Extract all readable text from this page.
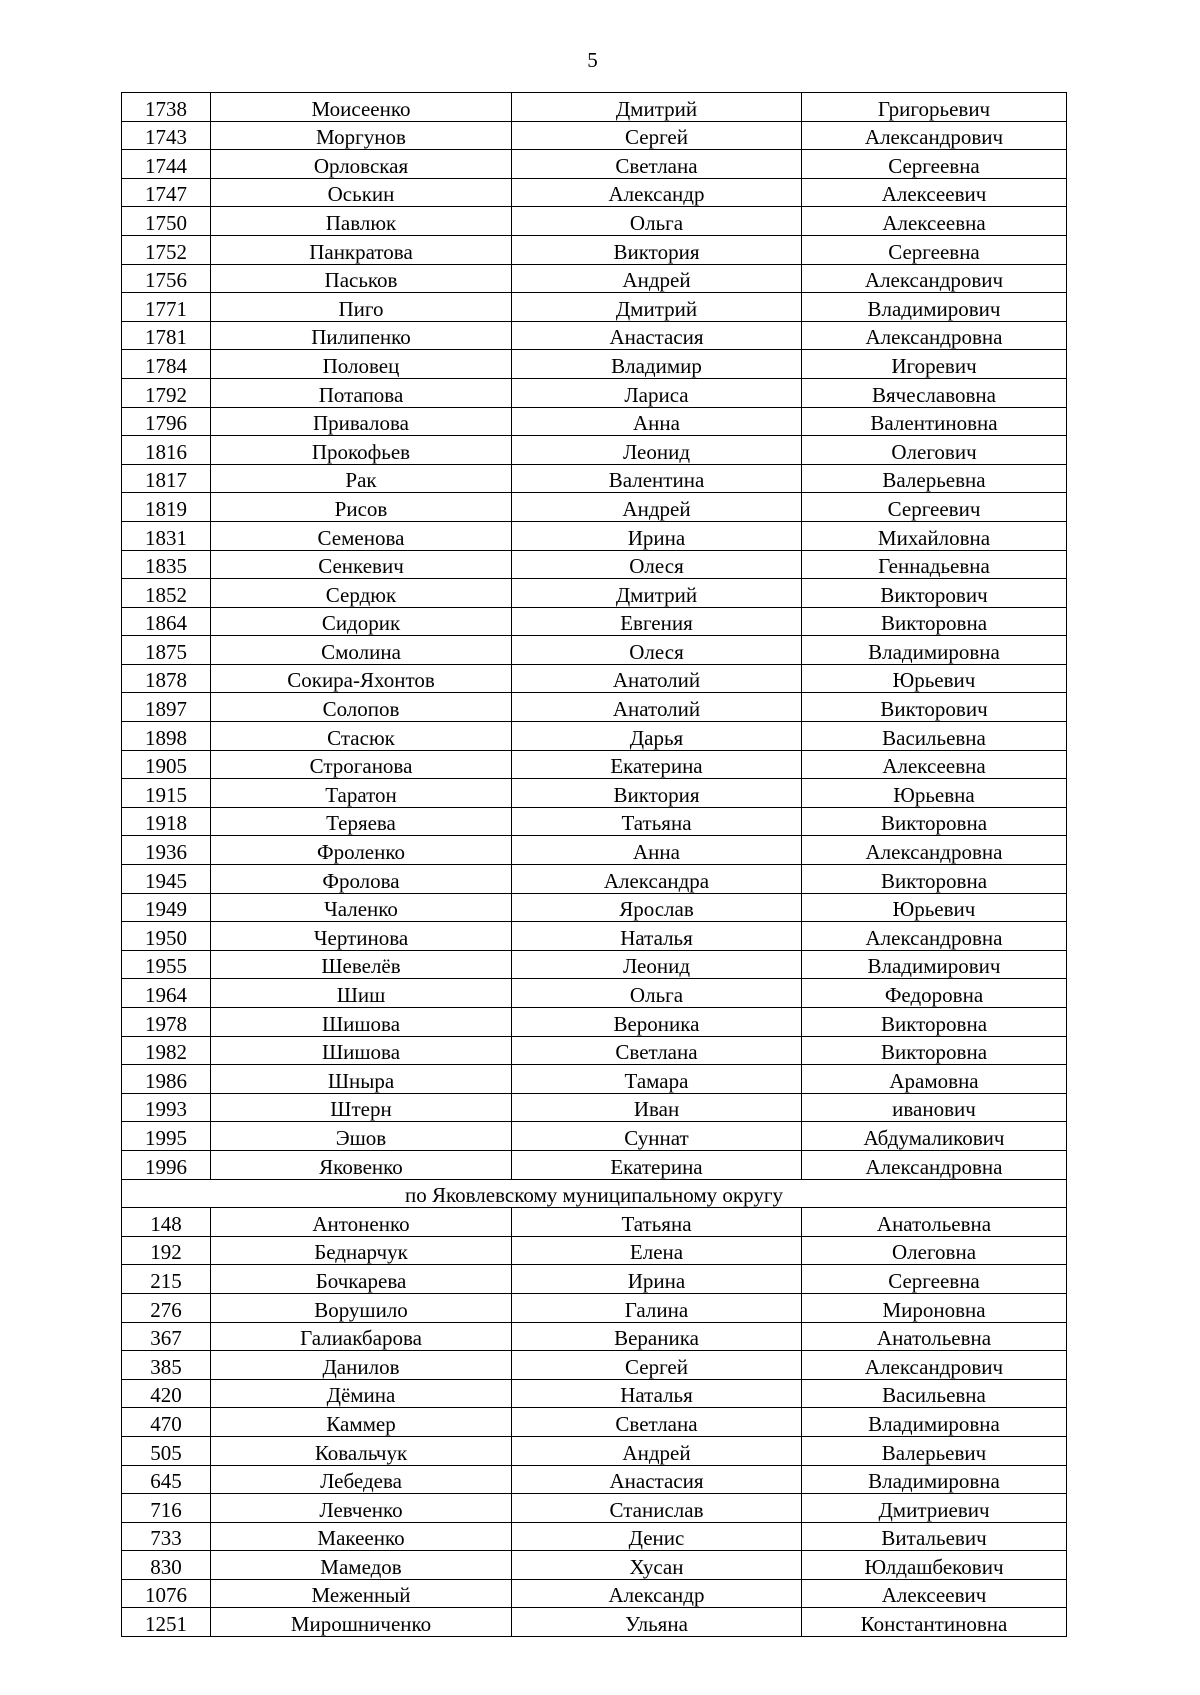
5
1738	Моисеенко	Дмитрий	Григорьевич
1743	Моргунов	Сергей	Александрович
1744	Орловская	Светлана	Сергеевна
1747	Оськин	Александр	Алексеевич
1750	Павлюк	Ольга	Алексеевна
1752	Панкратова	Виктория	Сергеевна
1756	Паськов	Андрей	Александрович
1771	Пиго	Дмитрий	Владимирович
1781	Пилипенко	Анастасия	Александровна
1784	Половец	Владимир	Игоревич
1792	Потапова	Лариса	Вячеславовна
1796	Привалова	Анна	Валентиновна
1816	Прокофьев	Леонид	Олегович
1817	Рак	Валентина	Валерьевна
1819	Рисов	Андрей	Сергеевич
1831	Семенова	Ирина	Михайловна
1835	Сенкевич	Олеся	Геннадьевна
1852	Сердюк	Дмитрий	Викторович
1864	Сидорик	Евгения	Викторовна
1875	Смолина	Олеся	Владимировна
1878	Сокира-Яхонтов	Анатолий	Юрьевич
1897	Солопов	Анатолий	Викторович
1898	Стасюк	Дарья	Васильевна
1905	Строганова	Екатерина	Алексеевна
1915	Таратон	Виктория	Юрьевна
1918	Теряева	Татьяна	Викторовна
1936	Фроленко	Анна	Александровна
1945	Фролова	Александра	Викторовна
1949	Чаленко	Ярослав	Юрьевич
1950	Чертинова	Наталья	Александровна
1955	Шевелёв	Леонид	Владимирович
1964	Шиш	Ольга	Федоровна
1978	Шишова	Вероника	Викторовна
1982	Шишова	Светлана	Викторовна
1986	Шныра	Тамара	Арамовна
1993	Штерн	Иван	иванович
1995	Эшов	Суннат	Абдумаликович
1996	Яковенко	Екатерина	Александровна
по Яковлевскому муниципальному округу			
148	Антоненко	Татьяна	Анатольевна
192	Беднарчук	Елена	Олеговна
215	Бочкарева	Ирина	Сергеевна
276	Ворушило	Галина	Мироновна
367	Галиакбарова	Вераника	Анатольевна
385	Данилов	Сергей	Александрович
420	Дёмина	Наталья	Васильевна
470	Каммер	Светлана	Владимировна
505	Ковальчук	Андрей	Валерьевич
645	Лебедева	Анастасия	Владимировна
716	Левченко	Станислав	Дмитриевич
733	Макеенко	Денис	Витальевич
830	Мамедов	Хусан	Юлдашбекович
1076	Меженный	Александр	Алексеевич
1251	Мирошниченко	Ульяна	Константиновна
